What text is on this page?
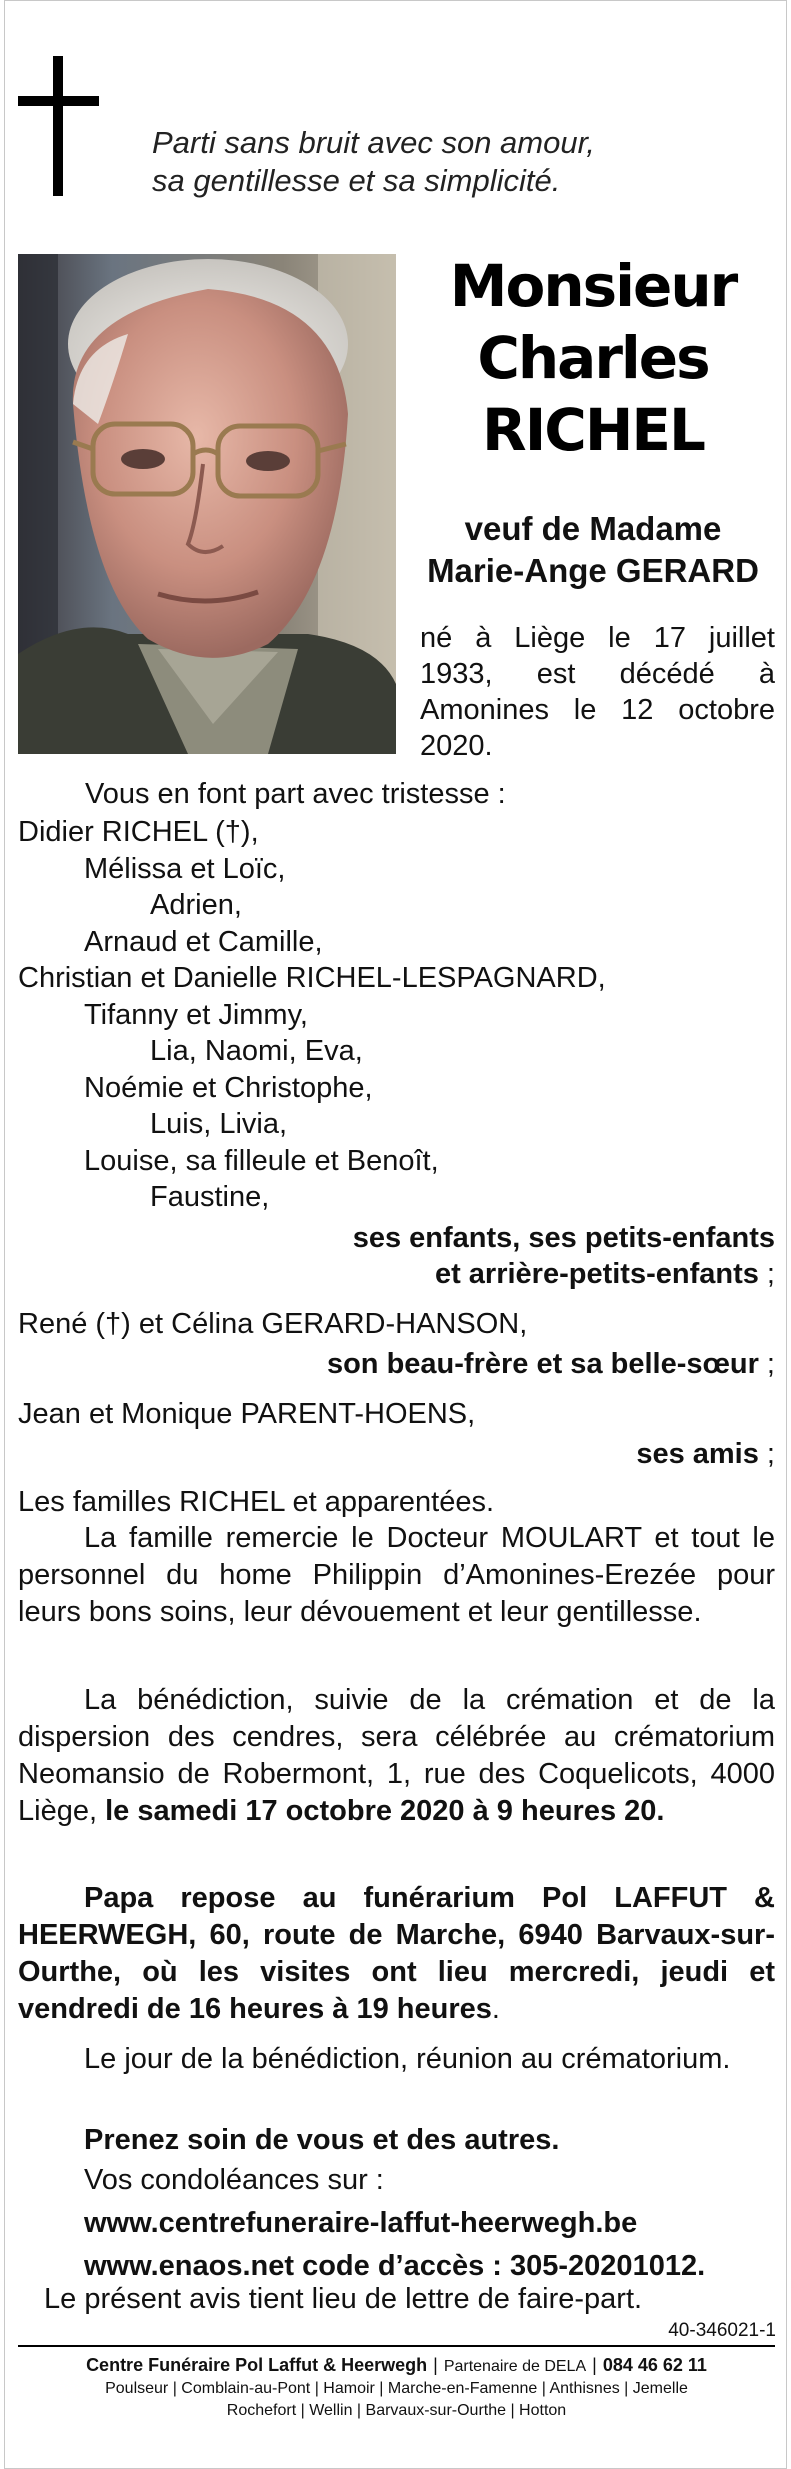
Parti sans bruit avec son amour,
sa gentillesse et sa simplicité.
Monsieur
Charles
RICHEL
veuf de Madame
Marie-Ange GERARD
né à Liège le 17 juillet 1933, est décédé à Amonines le 12 octobre 2020.
Vous en font part avec tristesse :
Didier RICHEL (†),
Mélissa et Loïc,
Adrien,
Arnaud et Camille,
Christian et Danielle RICHEL-LESPAGNARD,
Tifanny et Jimmy,
Lia, Naomi, Eva,
Noémie et Christophe,
Luis, Livia,
Louise, sa filleule et Benoît,
Faustine,
ses enfants, ses petits-enfants
et arrière-petits-enfants ;
René (†) et Célina GERARD-HANSON,
son beau-frère et sa belle-sœur ;
Jean et Monique PARENT-HOENS,
ses amis ;
Les familles RICHEL et apparentées.
La famille remercie le Docteur MOULART et tout le personnel du home Philippin d’Amonines-Erezée pour leurs bons soins, leur dévouement et leur gentillesse.
La bénédiction, suivie de la crémation et de la dispersion des cendres, sera célébrée au crématorium Neomansio de Robermont, 1, rue des Coquelicots, 4000 Liège, le samedi 17 octobre 2020 à 9 heures 20.
Papa repose au funérarium Pol LAFFUT & HEERWEGH, 60, route de Marche, 6940 Barvaux-sur-Ourthe, où les visites ont lieu mercredi, jeudi et vendredi de 16 heures à 19 heures.
Le jour de la bénédiction, réunion au crématorium.
Prenez soin de vous et des autres.
Vos condoléances sur :
www.centrefuneraire-laffut-heerwegh.be
www.enaos.net code d’accès : 305-20201012.
Le présent avis tient lieu de lettre de faire-part.
40-346021-1
Centre Funéraire Pol Laffut & Heerwegh | Partenaire de DELA | 084 46 62 11
Poulseur | Comblain-au-Pont | Hamoir | Marche-en-Famenne | Anthisnes | Jemelle
Rochefort | Wellin | Barvaux-sur-Ourthe | Hotton
